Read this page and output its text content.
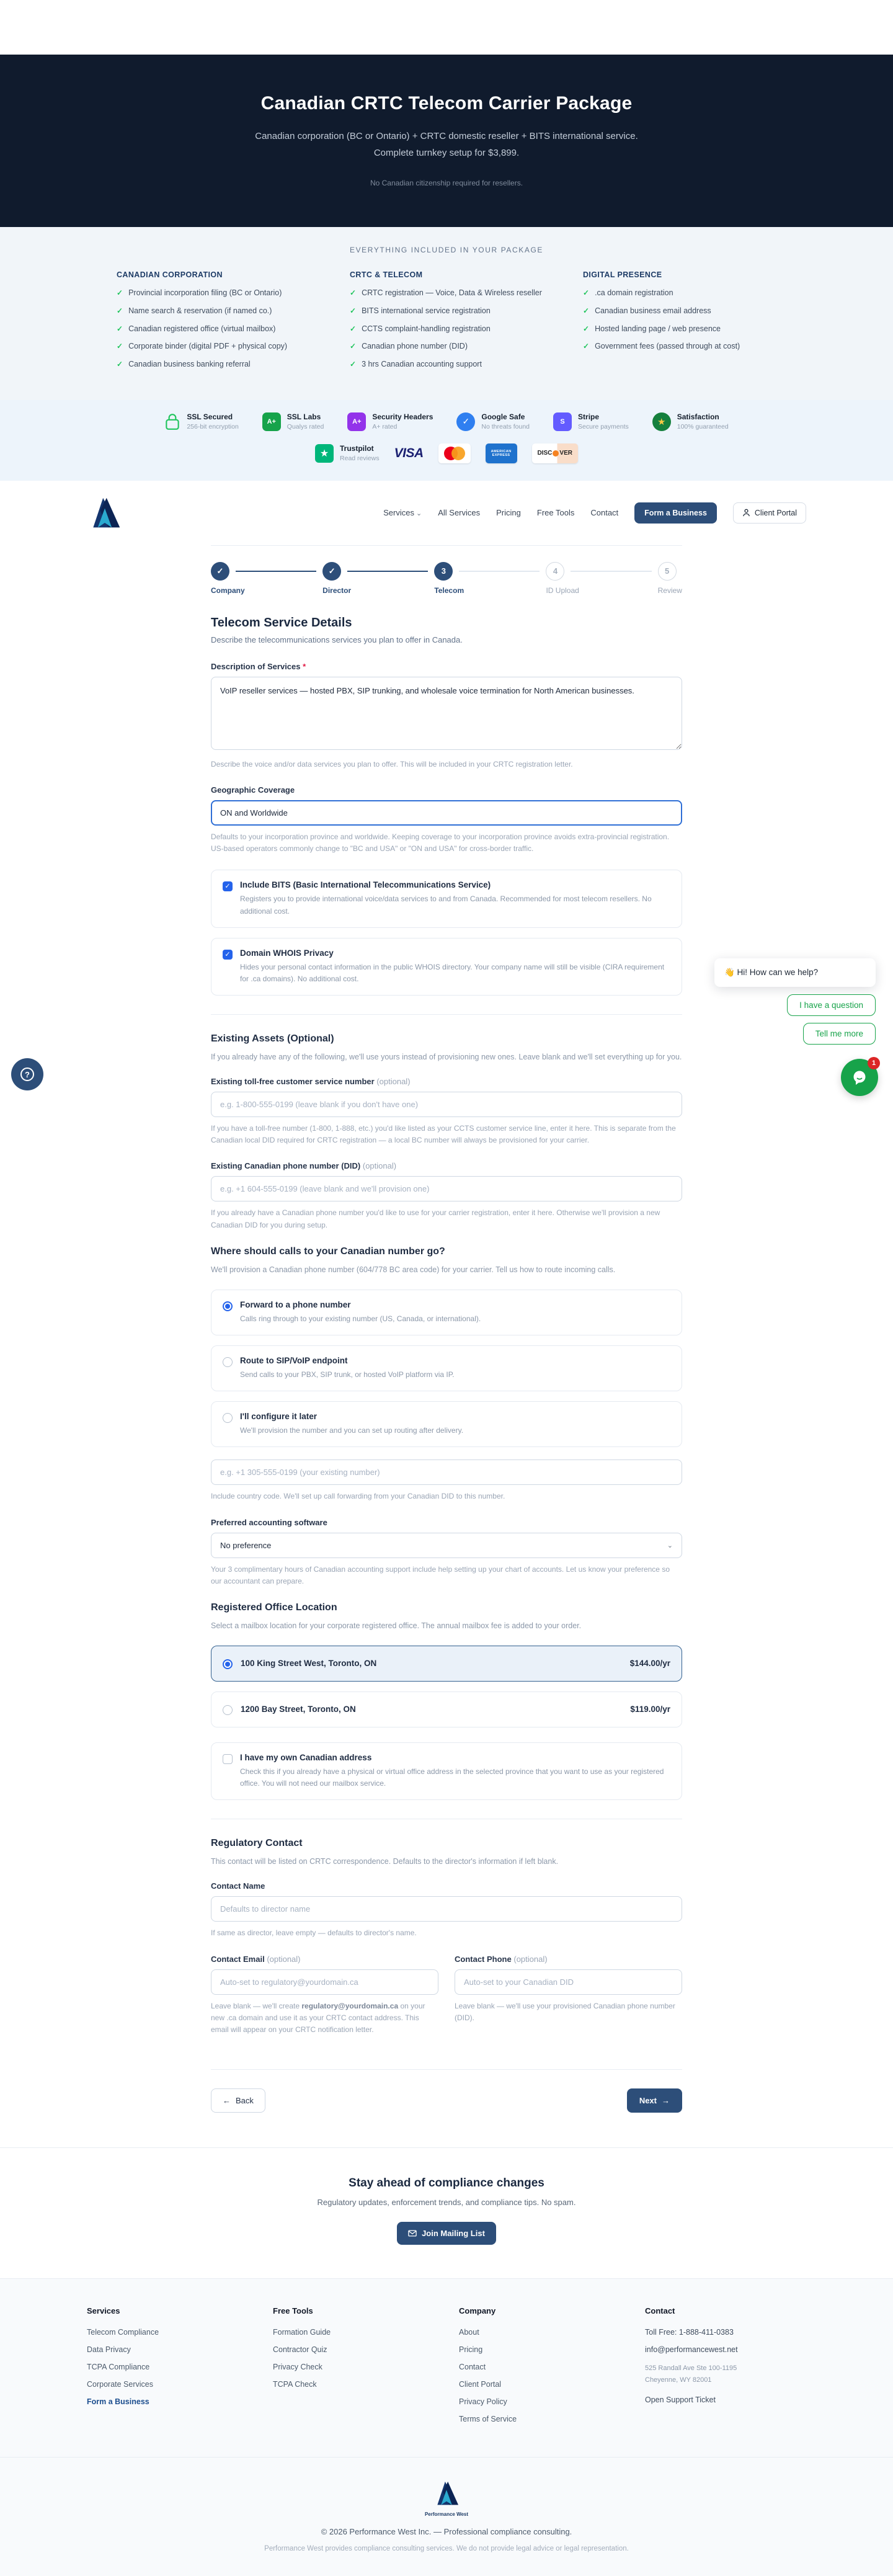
Canadian CRTC Telecom Carrier Package
Canadian corporation (BC or Ontario) + CRTC domestic reseller + BITS international service. Complete turnkey setup for $3,899.
No Canadian citizenship required for resellers.
EVERYTHING INCLUDED IN YOUR PACKAGE
CANADIAN CORPORATION
✓ Provincial incorporation filing (BC or Ontario)
✓ Name search & reservation (if named co.)
✓ Canadian registered office (virtual mailbox)
✓ Corporate binder (digital PDF + physical copy)
✓ Canadian business banking referral
CRTC & TELECOM
✓ CRTC registration — Voice, Data & Wireless reseller
✓ BITS international service registration
✓ CCTS complaint-handling registration
✓ Canadian phone number (DID)
✓ 3 hrs Canadian accounting support
DIGITAL PRESENCE
✓ .ca domain registration
✓ Canadian business email address
✓ Hosted landing page / web presence
✓ Government fees (passed through at cost)
SSL Secured
256-bit encryption
A+
SSL Labs
Qualys rated
A+
Security Headers
A+ rated
✓	Google Safe
No threats found
S
Stripe
Secure payments	★	Satisfaction
100% guaranteed
★	Trustpilot
Read reviews VISA	AMERICAN
EXPRESS	DISC VER
Services ⌄ All Services Pricing Free Tools Contact	Form a Business	Client Portal
✓
Company
✓
Director
3
Telecom
4
ID Upload
5
Review
Telecom Service Details
Describe the telecommunications services you plan to offer in Canada.
Description of Services *
VoIP reseller services — hosted PBX, SIP trunking, and wholesale voice termination for North American businesses.
Describe the voice and/or data services you plan to offer. This will be included in your CRTC registration letter.
Geographic Coverage
ON and Worldwide
Defaults to your incorporation province and worldwide. Keeping coverage to your incorporation province avoids extra-provincial registration. US-based operators commonly change to "BC and USA" or "ON and USA" for cross-border traffic.
✓ Include BITS (Basic International Telecommunications Service)
Registers you to provide international voice/data services to and from Canada. Recommended for most telecom resellers. No additional cost.
✓ Domain WHOIS Privacy
Hides your personal contact information in the public WHOIS directory. Your company name will still be visible (CIRA requirement for .ca domains). No additional cost.
Existing Assets (Optional)
If you already have any of the following, we'll use yours instead of provisioning new ones. Leave blank and we'll set everything up for you.
Existing toll-free customer service number (optional)
e.g. 1-800-555-0199 (leave blank if you don't have one)
If you have a toll-free number (1-800, 1-888, etc.) you'd like listed as your CCTS customer service line, enter it here. This is separate from the Canadian local DID required for CRTC registration — a local BC number will always be provisioned for your carrier.
Existing Canadian phone number (DID) (optional)
e.g. +1 604-555-0199 (leave blank and we'll provision one)
If you already have a Canadian phone number you'd like to use for your carrier registration, enter it here. Otherwise we'll provision a new Canadian DID for you during setup.
Where should calls to your Canadian number go?
We'll provision a Canadian phone number (604/778 BC area code) for your carrier. Tell us how to route incoming calls.
Forward to a phone number
Calls ring through to your existing number (US, Canada, or international).
Route to SIP/VoIP endpoint
Send calls to your PBX, SIP trunk, or hosted VoIP platform via IP.
I'll configure it later
We'll provision the number and you can set up routing after delivery.
e.g. +1 305-555-0199 (your existing number)
Include country code. We'll set up call forwarding from your Canadian DID to this number.
Preferred accounting software
No preference	⌄
Your 3 complimentary hours of Canadian accounting support include help setting up your chart of accounts. Let us know your preference so our accountant can prepare.
Registered Office Location
Select a mailbox location for your corporate registered office. The annual mailbox fee is added to your order.
100 King Street West, Toronto, ON	$144.00/yr
1200 Bay Street, Toronto, ON	$119.00/yr
I have my own Canadian address
Check this if you already have a physical or virtual office address in the selected province that you want to use as your registered office. You will not need our mailbox service.
Regulatory Contact
This contact will be listed on CRTC correspondence. Defaults to the director's information if left blank.
Contact Name
Defaults to director name
If same as director, leave empty — defaults to director's name.
Contact Email (optional)
Auto-set to regulatory@yourdomain.ca
Leave blank — we'll create regulatory@yourdomain.ca on your new .ca domain and use it as your CRTC contact address. This email will appear on your CRTC notification letter.
Contact Phone (optional)
Auto-set to your Canadian DID
Leave blank — we'll use your provisioned Canadian phone number (DID).
← Back	Next →
Stay ahead of compliance changes

Regulatory updates, enforcement trends, and compliance tips. No spam.

Join Mailing List
Services
Telecom Compliance
Data Privacy
TCPA Compliance
Corporate Services
Form a Business
Free Tools
Formation Guide
Contractor Quiz
Privacy Check
TCPA Check
Company
About
Pricing
Contact
Client Portal
Privacy Policy
Terms of Service
Contact
Toll Free: 1-888-411-0383
info@performancewest.net
525 Randall Ave Ste 100-1195
Cheyenne, WY 82001
Open Support Ticket
Performance West
© 2026 Performance West Inc. — Professional compliance consulting.
Performance West provides compliance consulting services. We do not provide legal advice or legal representation.
👋 Hi! How can we help?
I have a question
Tell me more
1
?
